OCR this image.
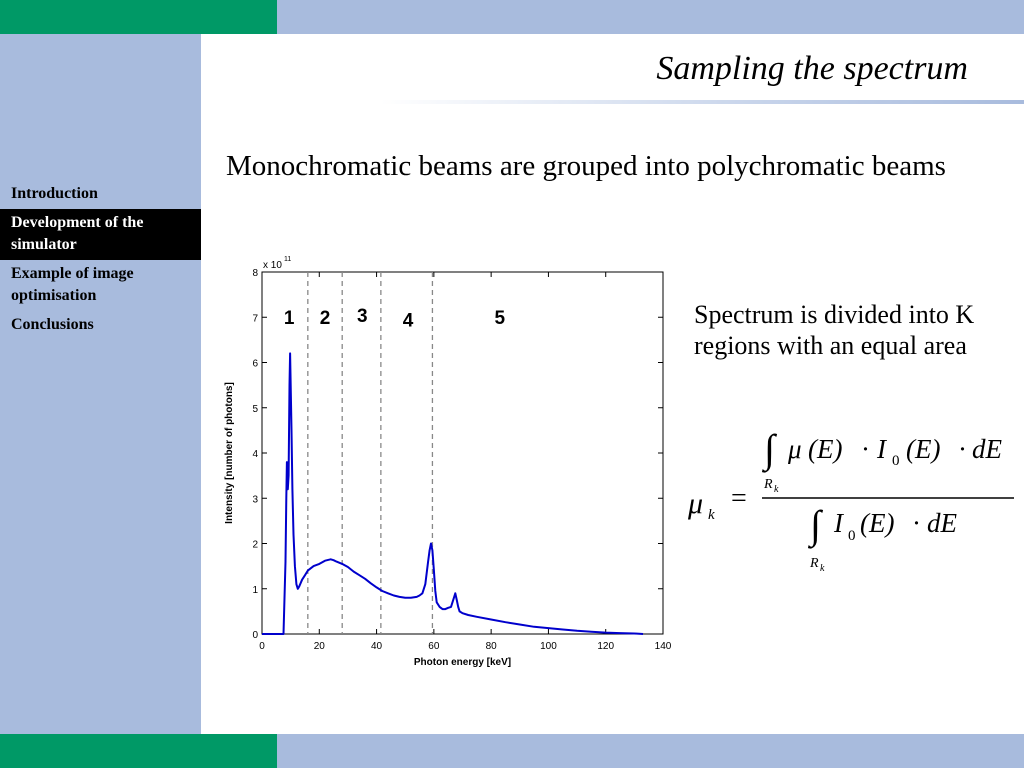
Introduction
Development of the simulator
Example of image optimisation
Conclusions
Sampling the spectrum
Monochromatic beams are grouped into polychromatic beams
Spectrum is divided into K regions with an equal area
0	20	40	60	80	100	120	140
0
1
2
3
4
5
6
7
8
x 10
11
Photon energy [keV]
Intensity [number of photons]
1 2 3 4	5
μ k
=
∫
R k
μ (E) · I 0 (E) · dE
∫
R k
I 0 (E) · dE
